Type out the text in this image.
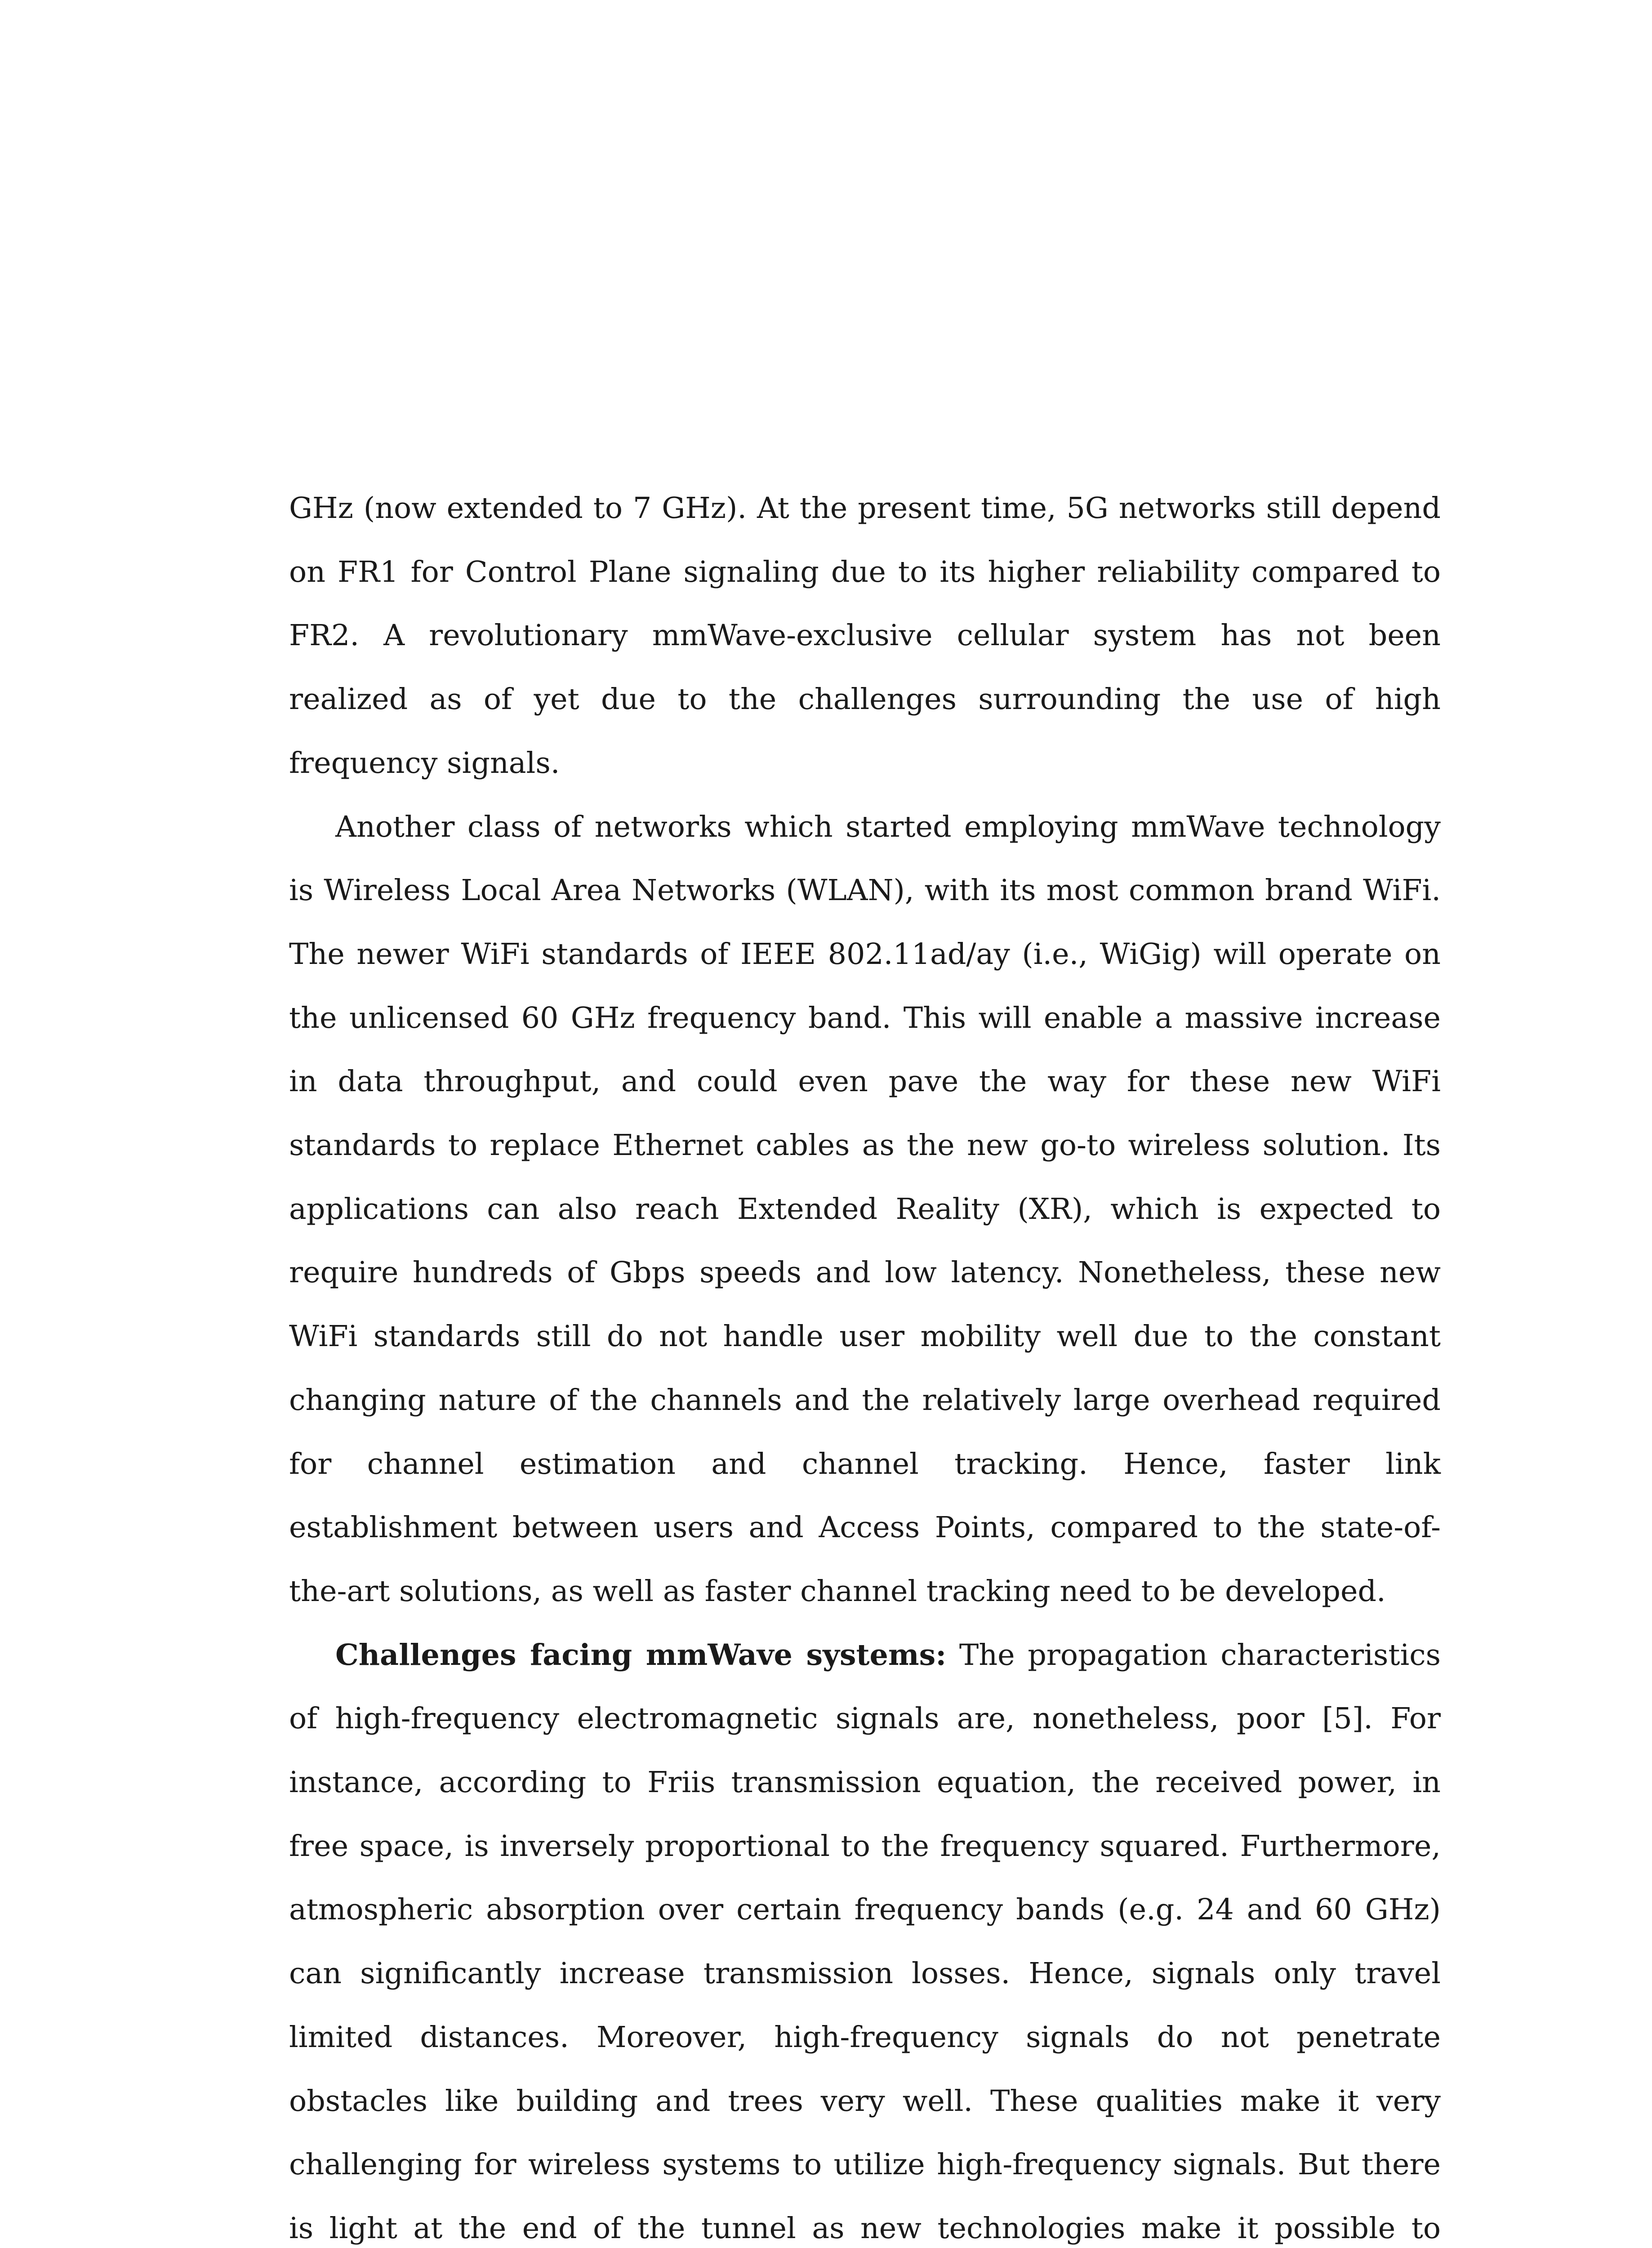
GHz (now extended to 7 GHz). At the present time, 5G networks still depend on FR1 for Control Plane signaling due to its higher reliability compared to FR2. A revolutionary mmWave-exclusive cellular system has not been realized as of yet due to the challenges surrounding the use of high frequency signals.

Another class of networks which started employing mmWave technology is Wireless Local Area Networks (WLAN), with its most common brand WiFi. The newer WiFi standards of IEEE 802.11ad/ay (i.e., WiGig) will operate on the unlicensed 60 GHz frequency band. This will enable a massive increase in data throughput, and could even pave the way for these new WiFi standards to replace Ethernet cables as the new go-to wireless solution. Its applications can also reach Extended Reality (XR), which is expected to require hundreds of Gbps speeds and low latency. Nonetheless, these new WiFi standards still do not handle user mobility well due to the constant changing nature of the channels and the relatively large overhead required for channel estimation and channel tracking. Hence, faster link establishment between users and Access Points, compared to the state-of-the-art solutions, as well as faster channel tracking need to be developed.

Challenges facing mmWave systems: The propagation characteristics of high-frequency electromagnetic signals are, nonetheless, poor [5]. For instance, according to Friis transmission equation, the received power, in free space, is inversely proportional to the frequency squared. Furthermore, atmospheric absorption over certain frequency bands (e.g. 24 and 60 GHz) can significantly increase transmission losses. Hence, signals only travel limited distances. Moreover, high-frequency signals do not penetrate obstacles like building and trees very well. These qualities make it very challenging for wireless systems to utilize high-frequency signals. But there is light at the end of the tunnel as new technologies make it possible to
